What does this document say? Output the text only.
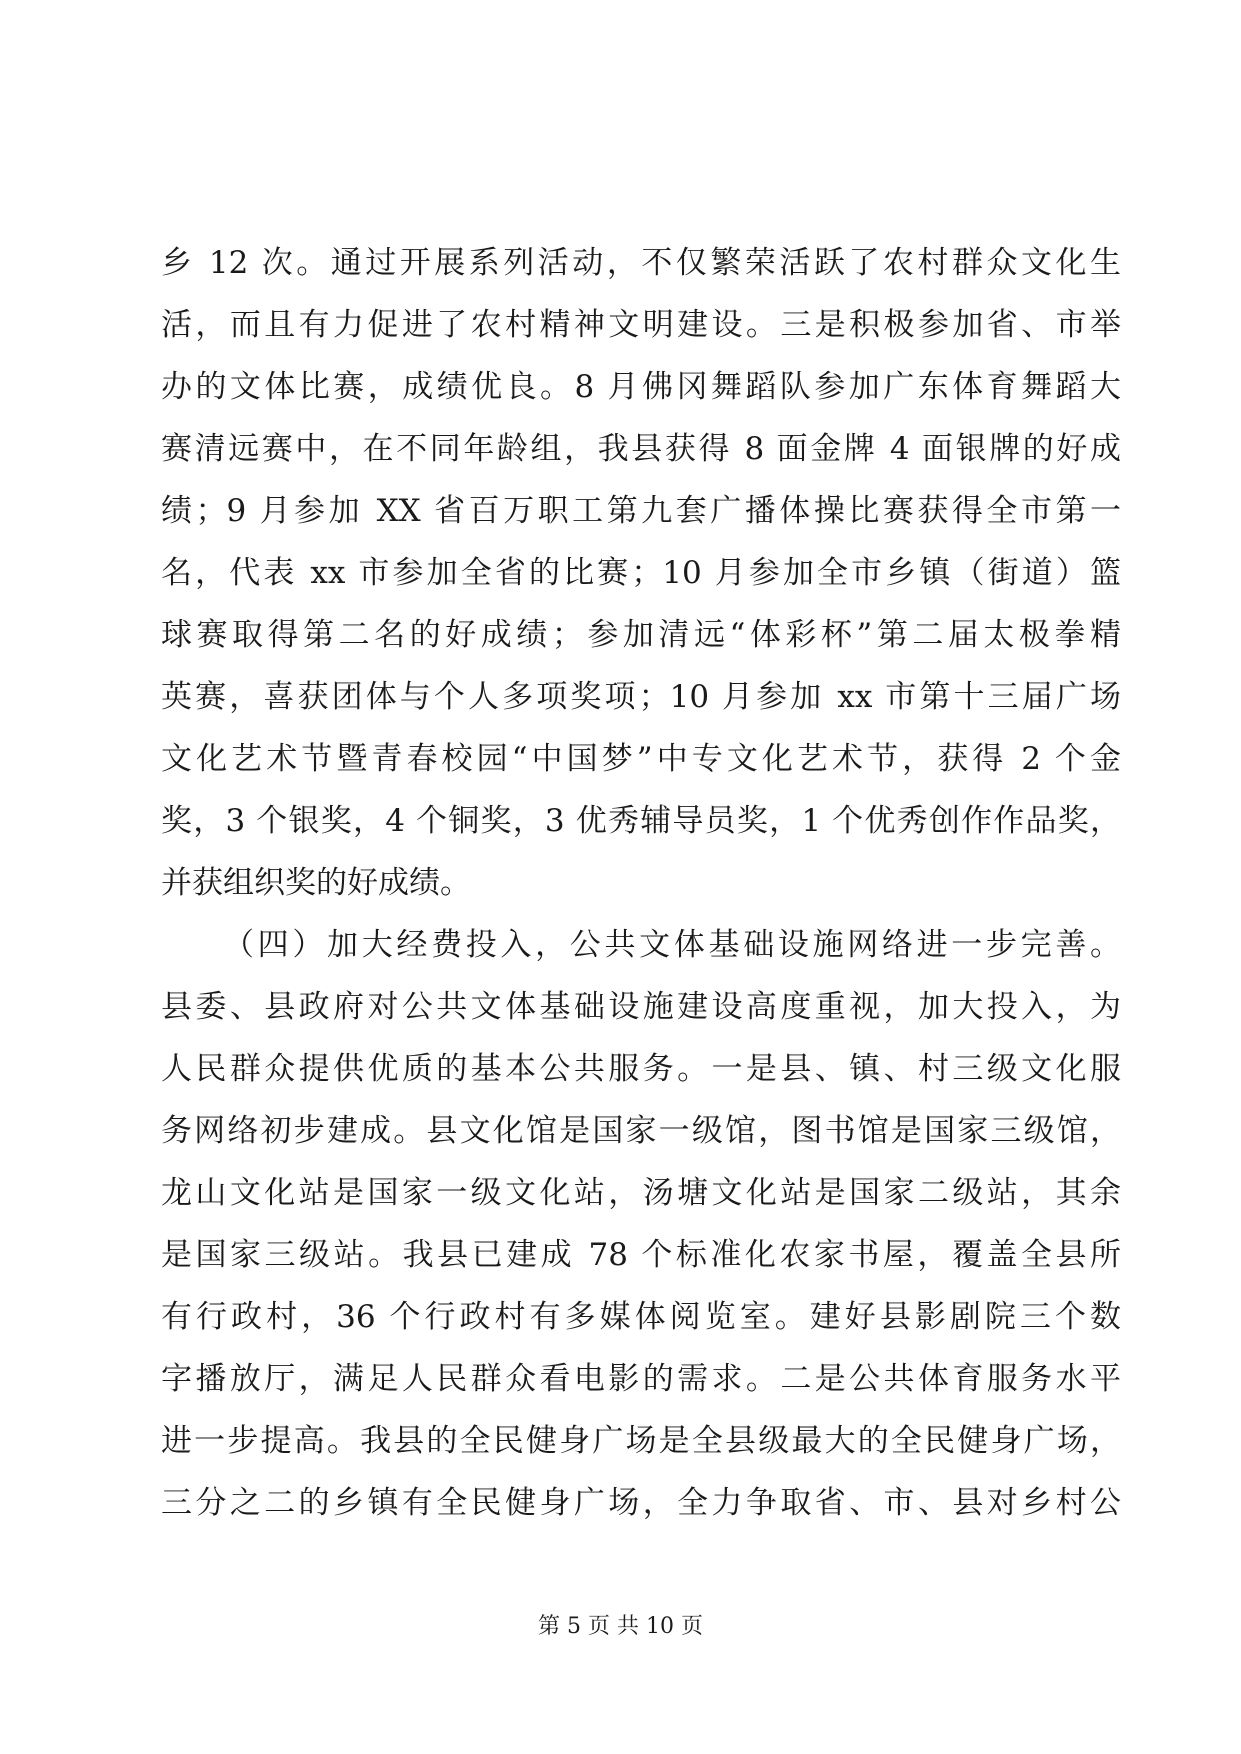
乡 12 次。通过开展系列活动，不仅繁荣活跃了农村群众文化生
活，而且有力促进了农村精神文明建设。三是积极参加省、市举
办的文体比赛，成绩优良。8 月佛冈舞蹈队参加广东体育舞蹈大
赛清远赛中，在不同年龄组，我县获得 8 面金牌 4 面银牌的好成
绩；9 月参加 XX 省百万职工第九套广播体操比赛获得全市第一
名，代表 xx 市参加全省的比赛；10 月参加全市乡镇（街道）篮
球赛取得第二名的好成绩；参加清远“体彩杯”第二届太极拳精
英赛，喜获团体与个人多项奖项；10 月参加 xx 市第十三届广场
文化艺术节暨青春校园“中国梦”中专文化艺术节，获得 2 个金
奖，3 个银奖，4 个铜奖，3 优秀辅导员奖，1 个优秀创作作品奖，
并获组织奖的好成绩。
（四）加大经费投入，公共文体基础设施网络进一步完善。
县委、县政府对公共文体基础设施建设高度重视，加大投入，为
人民群众提供优质的基本公共服务。一是县、镇、村三级文化服
务网络初步建成。县文化馆是国家一级馆，图书馆是国家三级馆，
龙山文化站是国家一级文化站，汤塘文化站是国家二级站，其余
是国家三级站。我县已建成 78 个标准化农家书屋，覆盖全县所
有行政村，36 个行政村有多媒体阅览室。建好县影剧院三个数
字播放厅，满足人民群众看电影的需求。二是公共体育服务水平
进一步提高。我县的全民健身广场是全县级最大的全民健身广场，
三分之二的乡镇有全民健身广场，全力争取省、市、县对乡村公
第 5 页 共 10 页
